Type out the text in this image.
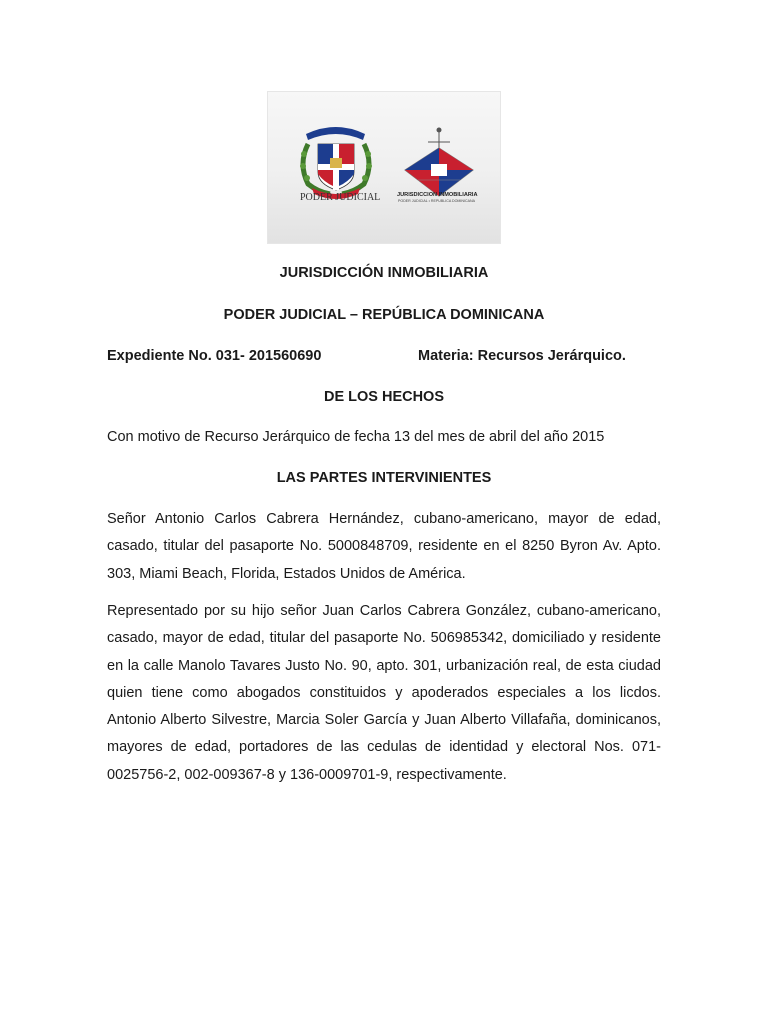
PODER JUDICIAL	JURISDICCION INMOBILIARIA
PODER JUDICIAL • REPUBLICA DOMINICANA

JURISDICCIÓN INMOBILIARIA

PODER JUDICIAL – REPÚBLICA DOMINICANA

Expediente No. 031- 201560690	Materia: Recursos Jerárquico.

DE LOS HECHOS

Con motivo de Recurso Jerárquico de fecha 13 del mes de abril del año 2015

LAS PARTES INTERVINIENTES

Señor Antonio Carlos Cabrera Hernández, cubano-americano, mayor de edad, casado, titular del pasaporte No. 5000848709, residente en el 8250 Byron Av. Apto. 303, Miami Beach, Florida, Estados Unidos de América.

Representado por su hijo señor Juan Carlos Cabrera González, cubano-americano, casado, mayor de edad, titular del pasaporte No. 506985342, domiciliado y residente en la calle Manolo Tavares Justo No. 90, apto. 301, urbanización real, de esta ciudad quien tiene como abogados constituidos y apoderados especiales a los licdos. Antonio Alberto Silvestre, Marcia Soler García y Juan Alberto Villafaña, dominicanos, mayores de edad, portadores de las cedulas de identidad y electoral Nos. 071-0025756-2, 002-009367-8 y 136-0009701-9, respectivamente.
